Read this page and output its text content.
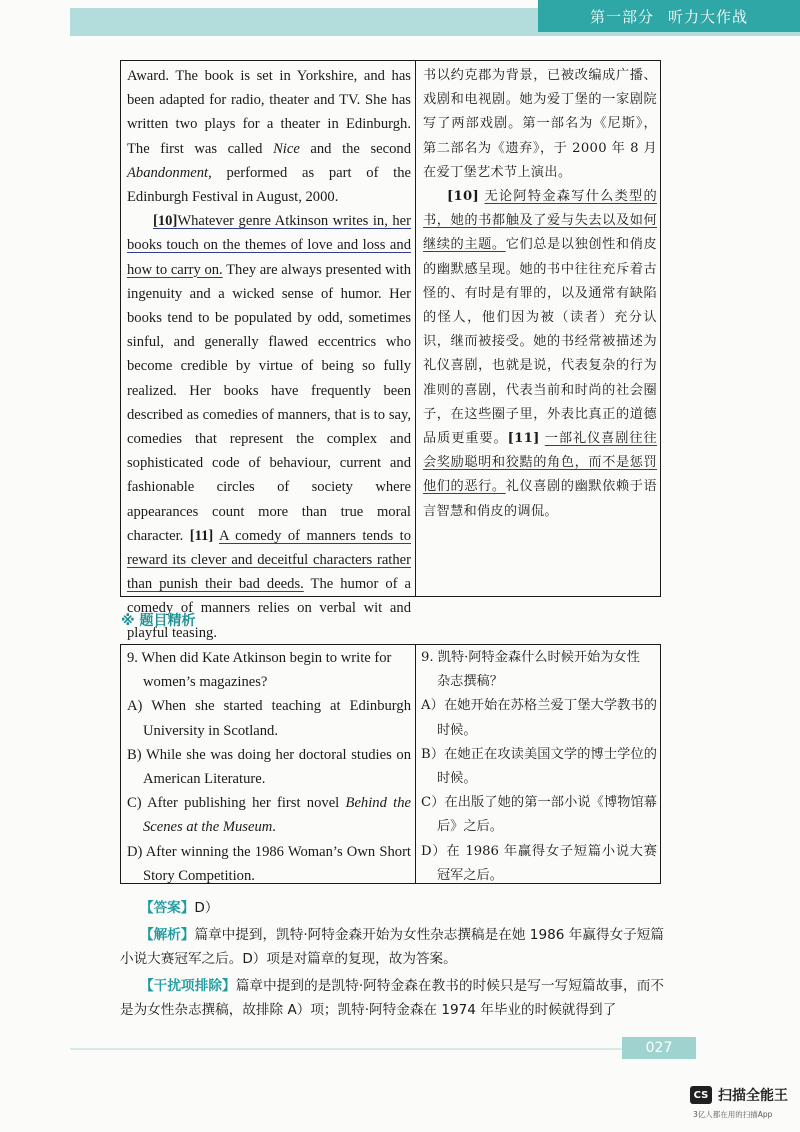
第一部分 听力大作战

Award. The book is set in Yorkshire, and has been adapted for radio, theater and TV. She has written two plays for a theater in Edinburgh. The first was called Nice and the second Abandonment, performed as part of the Edinburgh Festival in August, 2000.

[10]Whatever genre Atkinson writes in, her books touch on the themes of love and loss and how to carry on. They are always presented with ingenuity and a wicked sense of humor. Her books tend to be populated by odd, sometimes sinful, and generally flawed eccentrics who become credible by virtue of being so fully realized. Her books have frequently been described as comedies of manners, that is to say, comedies that represent the complex and sophisticated code of behaviour, current and fashionable circles of society where appearances count more than true moral character. [11] A comedy of manners tends to reward its clever and deceitful characters rather than punish their bad deeds. The humor of a comedy of manners relies on verbal wit and playful teasing.

书以约克郡为背景，已被改编成广播、戏剧和电视剧。她为爱丁堡的一家剧院写了两部戏剧。第一部名为《尼斯》，第二部名为《遗弃》，于 2000 年 8 月在爱丁堡艺术节上演出。

[10] 无论阿特金森写什么类型的书，她的书都触及了爱与失去以及如何继续的主题。它们总是以独创性和俏皮的幽默感呈现。她的书中往往充斥着古怪的、有时是有罪的，以及通常有缺陷的怪人，他们因为被（读者）充分认识，继而被接受。她的书经常被描述为礼仪喜剧，也就是说，代表复杂的行为准则的喜剧，代表当前和时尚的社会圈子，在这些圈子里，外表比真正的道德品质更重要。[11] 一部礼仪喜剧往往会奖励聪明和狡黠的角色，而不是惩罚他们的恶行。礼仪喜剧的幽默依赖于语言智慧和俏皮的调侃。

※ 题目精析
9. When did Kate Atkinson begin to write for
women’s magazines?
A) When she started teaching at Edinburgh University in Scotland.
B) While she was doing her doctoral studies on American Literature.
C) After publishing her first novel Behind the Scenes at the Museum.
D) After winning the 1986 Woman’s Own Short Story Competition.
9. 凯特·阿特金森什么时候开始为女性
杂志撰稿？
A）在她开始在苏格兰爱丁堡大学教书的时候。
B）在她正在攻读美国文学的博士学位的时候。
C）在出版了她的第一部小说《博物馆幕后》之后。
D）在 1986 年赢得女子短篇小说大赛冠军之后。

【答案】D）

【解析】篇章中提到，凯特·阿特金森开始为女性杂志撰稿是在她 1986 年赢得女子短篇小说大赛冠军之后。D）项是对篇章的复现，故为答案。

【干扰项排除】篇章中提到的是凯特·阿特金森在教书的时候只是写一写短篇故事，而不是为女性杂志撰稿，故排除 A）项；凯特·阿特金森在 1974 年毕业的时候就得到了

027
CS 扫描全能王
3亿人都在用的扫描App
